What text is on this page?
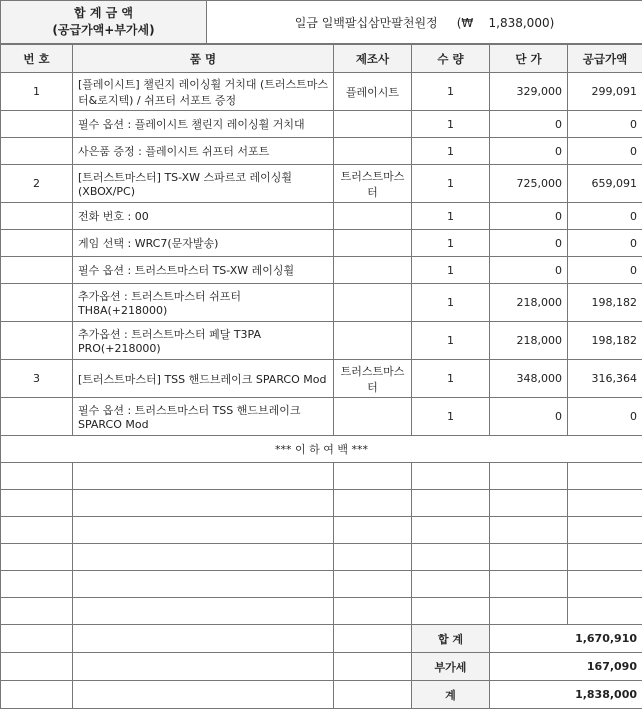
합 계 금 액
(공급가액+부가세)
	일금 일백팔십삼만팔천원정 (₩ 1,838,000)
번 호	품 명	제조사	수 량	단 가	공급가액
1	[플레이시트] 챌린지 레이싱휠 거치대 (트러스트마스터&로지텍) / 쉬프터 서포트 증정	플레이시트	1	329,000	299,091
	필수 옵션 : 플레이시트 챌린지 레이싱휠 거치대		1	0	0
	사은품 증정 : 플레이시트 쉬프터 서포트		1	0	0
2	[트러스트마스터] TS-XW 스파르코 레이싱휠 (XBOX/PC)	트러스트마스터	1	725,000	659,091
	전화 번호 : 00		1	0	0
	게임 선택 : WRC7(문자발송)		1	0	0
	필수 옵션 : 트러스트마스터 TS-XW 레이싱휠		1	0	0
	추가옵션 : 트러스트마스터 쉬프터 TH8A(+218000)		1	218,000	198,182
	추가옵션 : 트러스트마스터 페달 T3PA PRO(+218000)		1	218,000	198,182
3	[트러스트마스터] TSS 핸드브레이크 SPARCO Mod	트러스트마스터	1	348,000	316,364
	필수 옵션 : 트러스트마스터 TSS 핸드브레이크 SPARCO Mod		1	0	0
*** 이 하 여 백 ***					

			합 계	1,670,910	
			부가세	167,090	
			계	1,838,000	
